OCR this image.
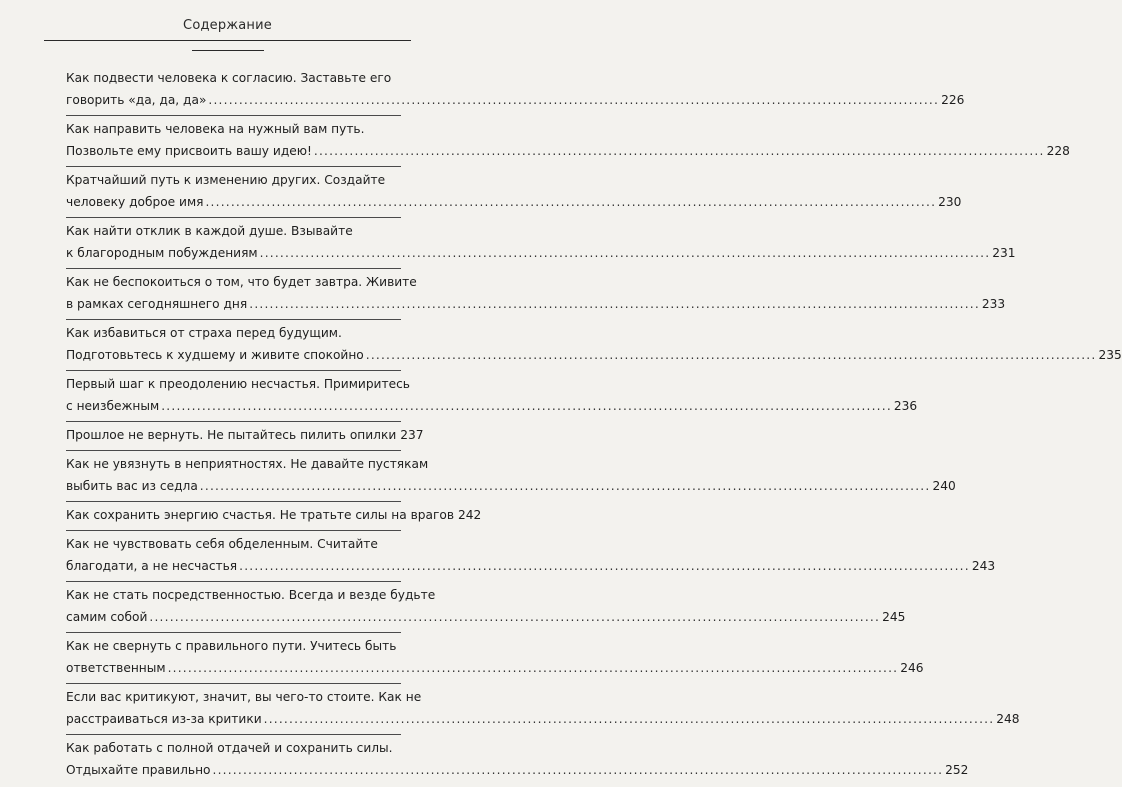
Содержание
Как подвести человека к согласию. Заставьте его
говорить «да, да, да» .....	226
Как направить человека на нужный вам путь.
Позвольте ему присвоить вашу идею! .....	228
Кратчайший путь к изменению других. Создайте
человеку доброе имя .....	230
Как найти отклик в каждой душе. Взывайте
к благородным побуждениям .....	231
Как не беспокоиться о том, что будет завтра. Живите
в рамках сегодняшнего дня .....	233
Как избавиться от страха перед будущим.
Подготовьтесь к худшему и живите спокойно .....	235
Первый шаг к преодолению несчастья. Примиритесь
с неизбежным .....	236
Прошлое не вернуть. Не пытайтесь пилить опилки 237
Как не увязнуть в неприятностях. Не давайте пустякам
выбить вас из седла .....	240
Как сохранить энергию счастья. Не тратьте силы на врагов 242
Как не чувствовать себя обделенным. Считайте
благодати, а не несчастья .....	243
Как не стать посредственностью. Всегда и везде будьте
самим собой .....	245
Как не свернуть с правильного пути. Учитесь быть
ответственным .....	246
Если вас критикуют, значит, вы чего-то стоите. Как не
расстраиваться из-за критики .....	248
Как работать с полной отдачей и сохранить силы.
Отдыхайте правильно .....	252
